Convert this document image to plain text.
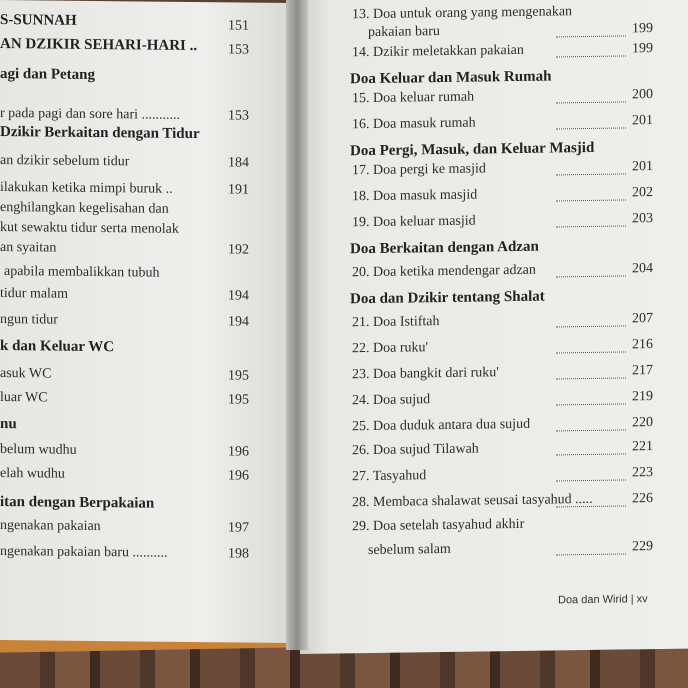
S-SUNNAH	151
AN DZIKIR SEHARI-HARI .. 153
agi dan Petang
r pada pagi dan sore hari ...........	153
Dzikir Berkaitan dengan Tidur
an dzikir sebelum tidur	184
ilakukan ketika mimpi buruk ..	191
enghilangkan kegelisahan dan
kut sewaktu tidur serta menolak
an syaitan	192
apabila membalikkan tubuh
tidur malam	194
ngun tidur	194
k dan Keluar WC
asuk WC	195
luar WC	195
nu
belum wudhu	196
elah wudhu	196
itan dengan Berpakaian
ngenakan pakaian	197
ngenakan pakaian baru ..........	198
13. Doa untuk orang yang mengenakan
pakaian baru	199
14. Dzikir meletakkan pakaian	199
Doa Keluar dan Masuk Rumah
15. Doa keluar rumah	200
16. Doa masuk rumah	201
Doa Pergi, Masuk, dan Keluar Masjid
17. Doa pergi ke masjid	201
18. Doa masuk masjid	202
19. Doa keluar masjid	203
Doa Berkaitan dengan Adzan
20. Doa ketika mendengar adzan	204
Doa dan Dzikir tentang Shalat
21. Doa Istiftah	207
22. Doa ruku'	216
23. Doa bangkit dari ruku'	217
24. Doa sujud	219
25. Doa duduk antara dua sujud	220
26. Doa sujud Tilawah	221
27. Tasyahud	223
28. Membaca shalawat seusai tasyahud .....	226
29. Doa setelah tasyahud akhir
sebelum salam	229
Doa dan Wirid | xv
